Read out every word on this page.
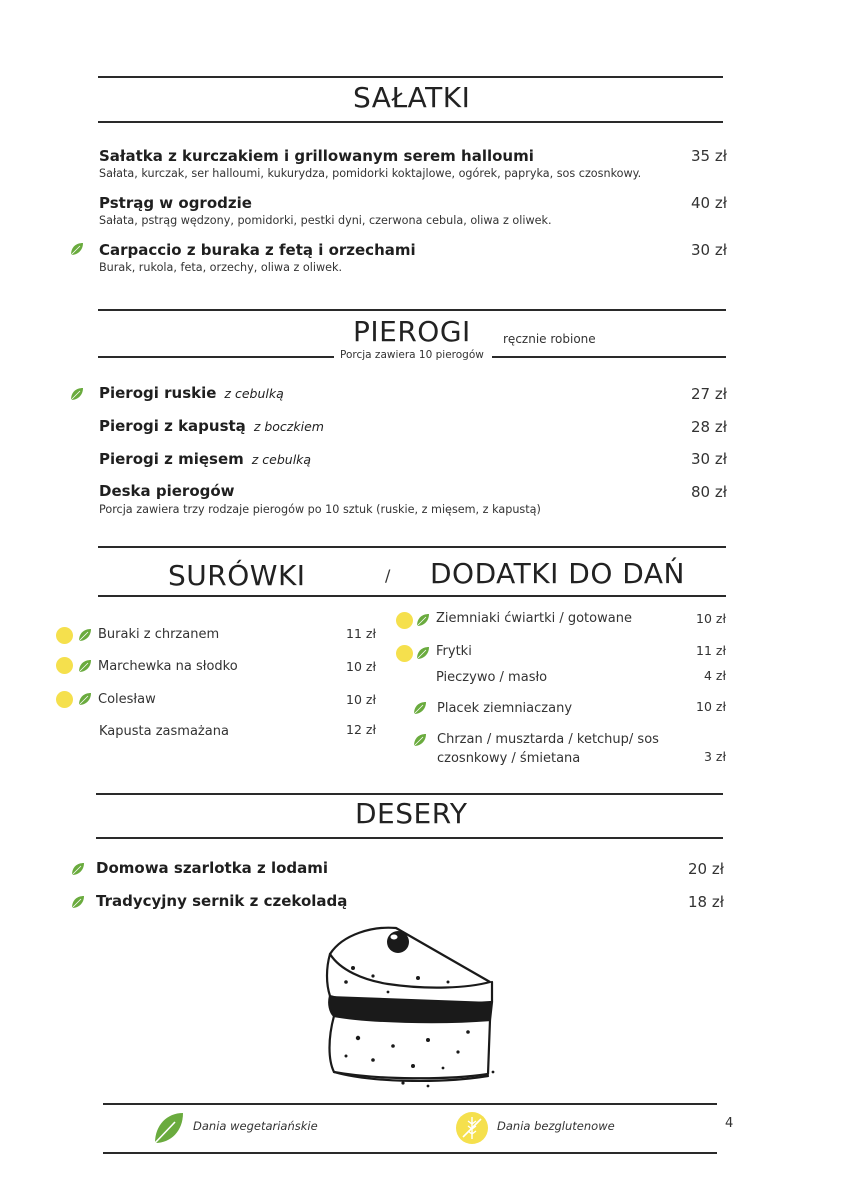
SAŁATKI
Sałatka z kurczakiem i grillowanym serem halloumi
Sałata, kurczak, ser halloumi, kukurydza, pomidorki koktajlowe, ogórek, papryka, sos czosnkowy.
35 zł
Pstrąg w ogrodzie
Sałata, pstrąg wędzony, pomidorki, pestki dyni, czerwona cebula, oliwa z oliwek.
40 zł
Carpaccio z buraka z fetą i orzechami
Burak, rukola, feta, orzechy, oliwa z oliwek.
30 zł
PIEROGI	ręcznie robione
Porcja zawiera 10 pierogów
Pierogi ruskie z cebulką	27 zł
Pierogi z kapustą z boczkiem	28 zł
Pierogi z mięsem z cebulką	30 zł
Deska pierogów
Porcja zawiera trzy rodzaje pierogów po 10 sztuk (ruskie, z mięsem, z kapustą)
80 zł
SURÓWKI	/ DODATKI DO DAŃ
Buraki z chrzanem	11 zł
Marchewka na słodko	10 zł
Colesław	10 zł
Kapusta zasmażana	12 zł
Ziemniaki ćwiartki / gotowane	10 zł
Frytki	11 zł
Pieczywo / masło	4 zł
Placek ziemniaczany	10 zł
Chrzan / musztarda / ketchup/ sos
czosnkowy / śmietana	3 zł
DESERY
Domowa szarlotka z lodami	20 zł
Tradycyjny sernik z czekoladą	18 zł
Dania wegetariańskie	Dania bezglutenowe	4
